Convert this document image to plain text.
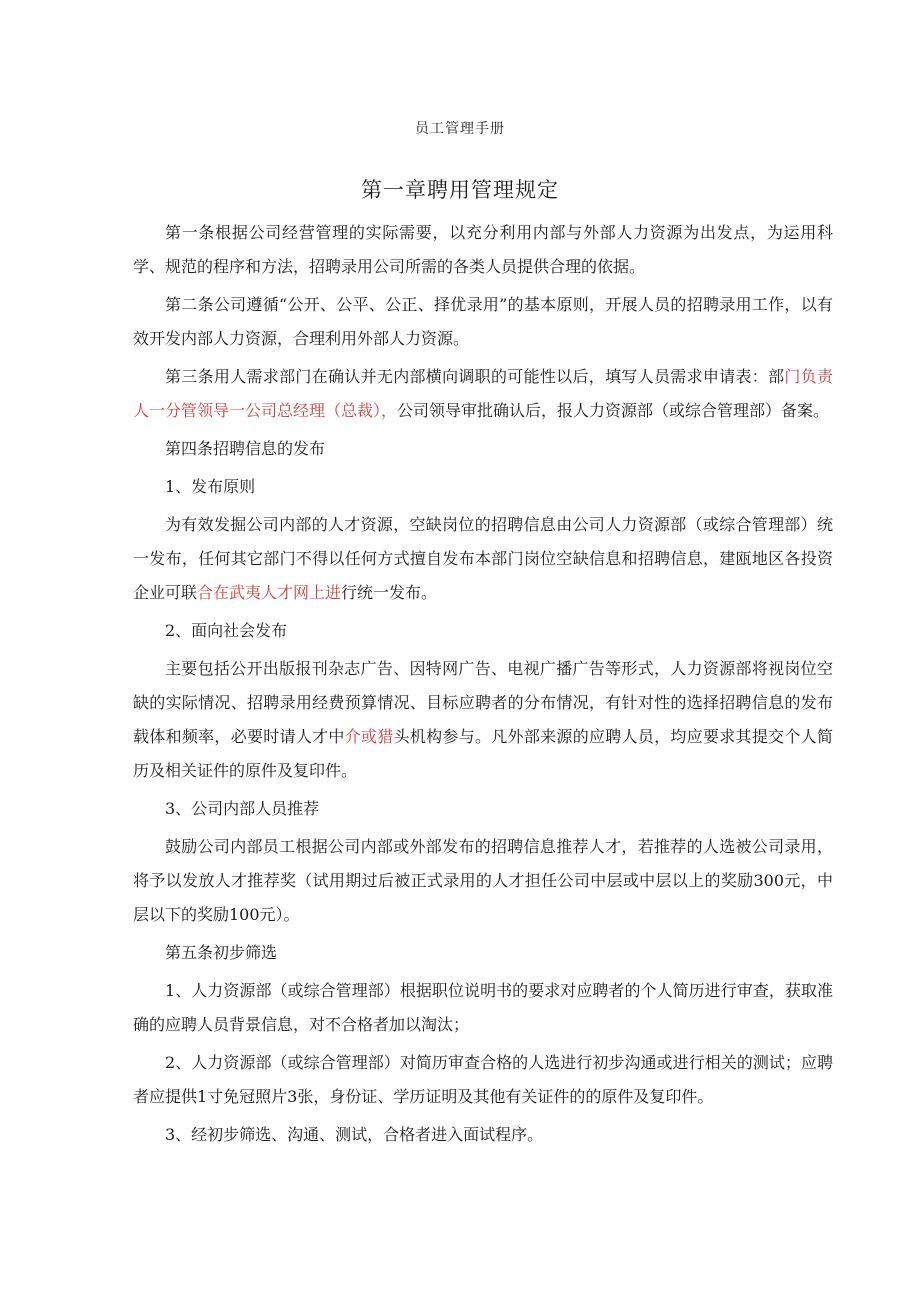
员工管理手册
第一章聘用管理规定

第一条根据公司经营管理的实际需要，以充分利用内部与外部人力资源为出发点，为运用科学、规范的程序和方法，招聘录用公司所需的各类人员提供合理的依据。

第二条公司遵循“公开、公平、公正、择优录用”的基本原则，开展人员的招聘录用工作，以有效开发内部人力资源，合理利用外部人力资源。

第三条用人需求部门在确认并无内部横向调职的可能性以后，填写人员需求申请表：部门负责人一分管领导一公司总经理（总裁），公司领导审批确认后，报人力资源部（或综合管理部）备案。

第四条招聘信息的发布

1、发布原则

为有效发掘公司内部的人才资源，空缺岗位的招聘信息由公司人力资源部（或综合管理部）统一发布，任何其它部门不得以任何方式擅自发布本部门岗位空缺信息和招聘信息，建瓯地区各投资企业可联合在武夷人才网上进行统一发布。

2、面向社会发布

主要包括公开出版报刊杂志广告、因特网广告、电视广播广告等形式，人力资源部将视岗位空缺的实际情况、招聘录用经费预算情况、目标应聘者的分布情况，有针对性的选择招聘信息的发布载体和频率，必要时请人才中介或猎头机构参与。凡外部来源的应聘人员，均应要求其提交个人简历及相关证件的原件及复印件。

3、公司内部人员推荐

鼓励公司内部员工根据公司内部或外部发布的招聘信息推荐人才，若推荐的人选被公司录用，将予以发放人才推荐奖（试用期过后被正式录用的人才担任公司中层或中层以上的奖励300元，中层以下的奖励100元）。

第五条初步筛选

1、人力资源部（或综合管理部）根据职位说明书的要求对应聘者的个人简历进行审查，获取准确的应聘人员背景信息，对不合格者加以淘汰；

2、人力资源部（或综合管理部）对简历审查合格的人选进行初步沟通或进行相关的测试；应聘者应提供1寸免冠照片3张，身份证、学历证明及其他有关证件的的原件及复印件。

3、经初步筛选、沟通、测试，合格者进入面试程序。
